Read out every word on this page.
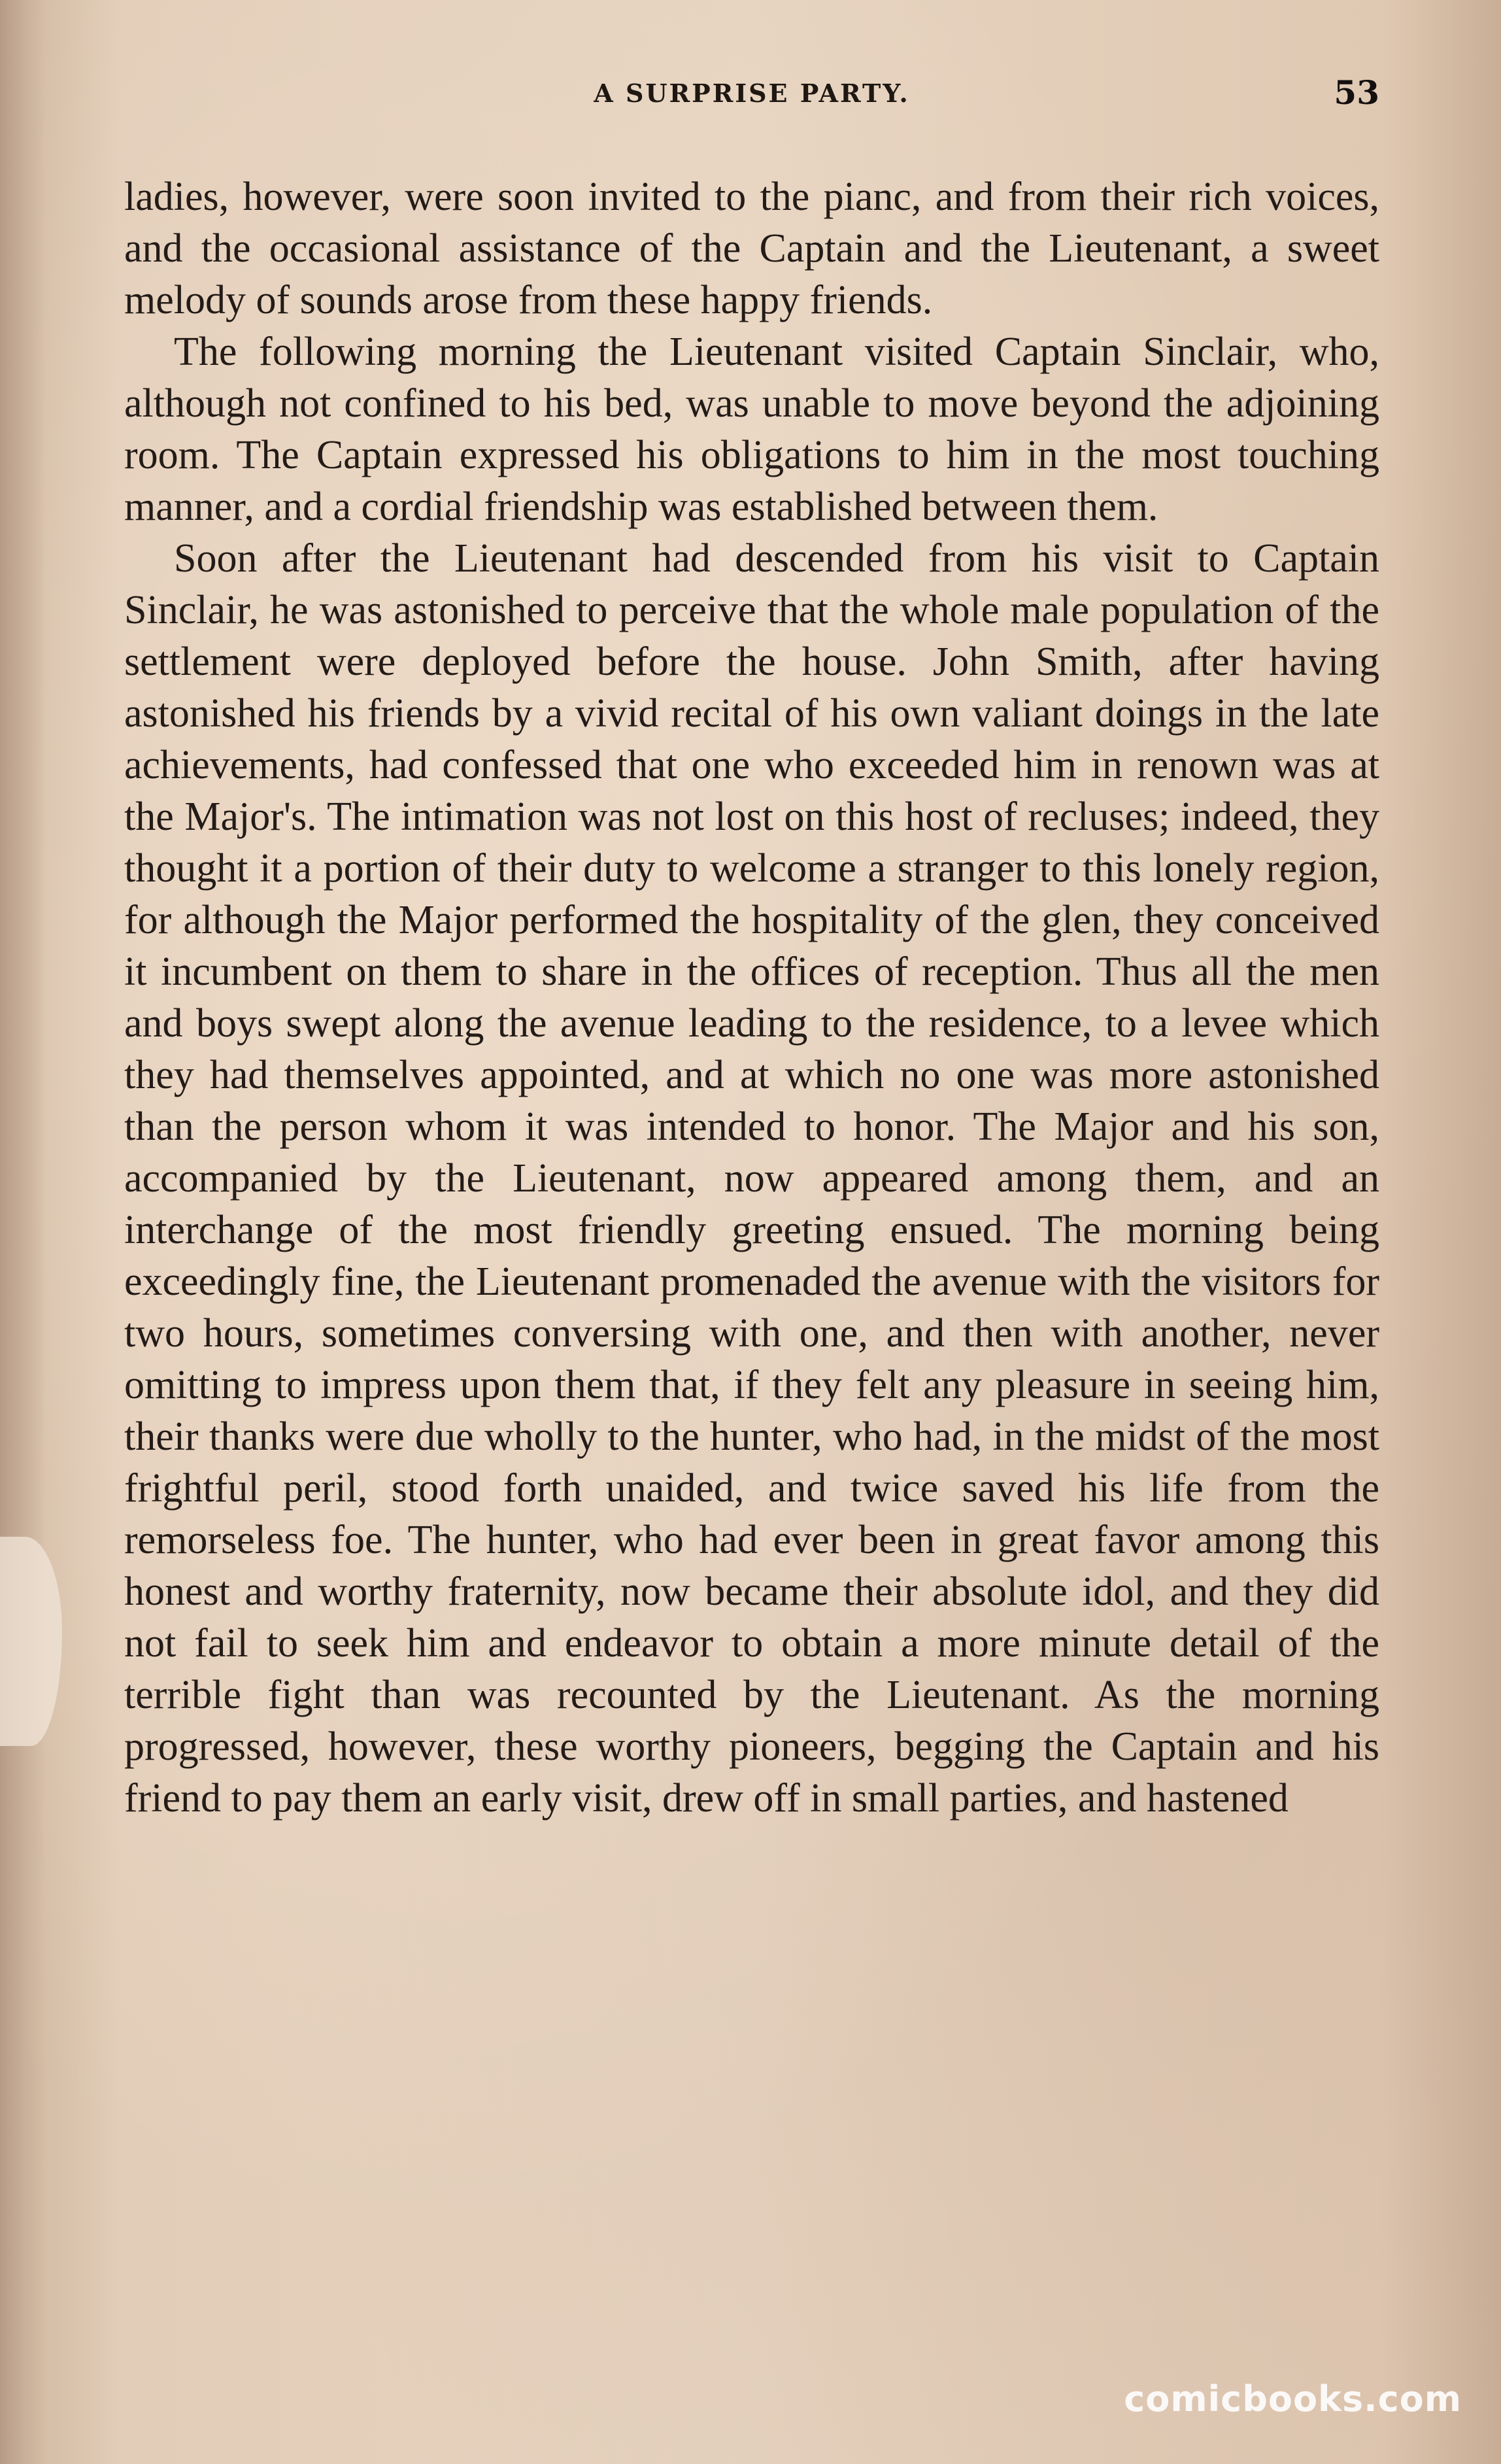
A SURPRISE PARTY.	53

ladies, however, were soon invited to the pianc, and from their rich voices, and the occasional assistance of the Captain and the Lieutenant, a sweet melody of sounds arose from these happy friends.

The following morning the Lieutenant visited Captain Sinclair, who, although not confined to his bed, was unable to move beyond the adjoining room. The Captain expressed his obligations to him in the most touching manner, and a cordial friendship was established between them.

Soon after the Lieutenant had descended from his visit to Captain Sinclair, he was astonished to perceive that the whole male population of the settlement were deployed before the house. John Smith, after having astonished his friends by a vivid recital of his own valiant doings in the late achievements, had confessed that one who exceeded him in renown was at the Major's. The intimation was not lost on this host of recluses; indeed, they thought it a portion of their duty to welcome a stranger to this lonely region, for although the Major performed the hospitality of the glen, they conceived it incumbent on them to share in the offices of reception. Thus all the men and boys swept along the avenue leading to the residence, to a levee which they had themselves appointed, and at which no one was more astonished than the person whom it was intended to honor. The Major and his son, accompanied by the Lieutenant, now appeared among them, and an interchange of the most friendly greeting ensued. The morning being exceedingly fine, the Lieutenant promenaded the avenue with the visitors for two hours, sometimes conversing with one, and then with another, never omitting to impress upon them that, if they felt any pleasure in seeing him, their thanks were due wholly to the hunter, who had, in the midst of the most frightful peril, stood forth unaided, and twice saved his life from the remorseless foe. The hunter, who had ever been in great favor among this honest and worthy fraternity, now became their absolute idol, and they did not fail to seek him and endeavor to obtain a more minute detail of the terrible fight than was recounted by the Lieutenant. As the morning progressed, however, these worthy pioneers, begging the Captain and his friend to pay them an early visit, drew off in small parties, and hastened

comicbooks.com
